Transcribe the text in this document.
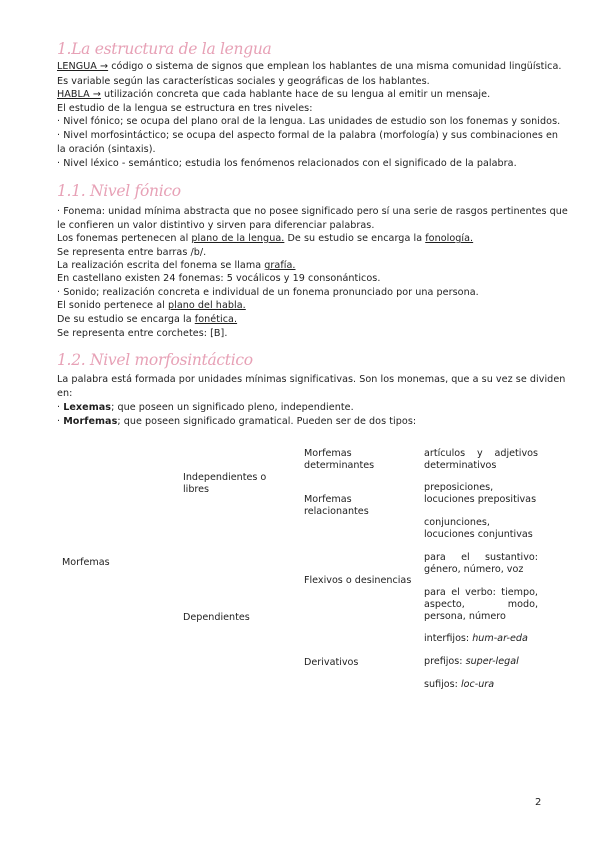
1.La estructura de la lengua
LENGUA → código o sistema de signos que emplean los hablantes de una misma comunidad lingüística.
Es variable según las características sociales y geográficas de los hablantes.
HABLA → utilización concreta que cada hablante hace de su lengua al emitir un mensaje.
El estudio de la lengua se estructura en tres niveles:
· Nivel fónico; se ocupa del plano oral de la lengua. Las unidades de estudio son los fonemas y sonidos.
· Nivel morfosintáctico; se ocupa del aspecto formal de la palabra (morfología) y sus combinaciones en
la oración (sintaxis).
· Nivel léxico - semántico; estudia los fenómenos relacionados con el significado de la palabra.
1.1. Nivel fónico
· Fonema: unidad mínima abstracta que no posee significado pero sí una serie de rasgos pertinentes que
le confieren un valor distintivo y sirven para diferenciar palabras.
Los fonemas pertenecen al plano de la lengua. De su estudio se encarga la fonología.
Se representa entre barras /b/.
La realización escrita del fonema se llama grafía.
En castellano existen 24 fonemas: 5 vocálicos y 19 consonánticos.
· Sonido; realización concreta e individual de un fonema pronunciado por una persona.
El sonido pertenece al plano del habla.
De su estudio se encarga la fonética.
Se representa entre corchetes: [B].
1.2. Nivel morfosintáctico
La palabra está formada por unidades mínimas significativas. Son los monemas, que a su vez se dividen
en:
· Lexemas; que poseen un significado pleno, independiente.
· Morfemas; que poseen significado gramatical. Pueden ser de dos tipos:
Morfemas
Independientes o libres
Dependientes
Morfemas determinantes
Morfemas relacionantes
Flexivos o desinencias
Derivativos
artículos y adjetivos determinativos
preposiciones, locuciones prepositivas
conjunciones, locuciones conjuntivas
para el sustantivo:
género, número, voz
para el verbo: tiempo,
aspecto, modo,
persona, número
interfijos: hum-ar-eda
prefijos: super-legal
sufijos: loc-ura
2
